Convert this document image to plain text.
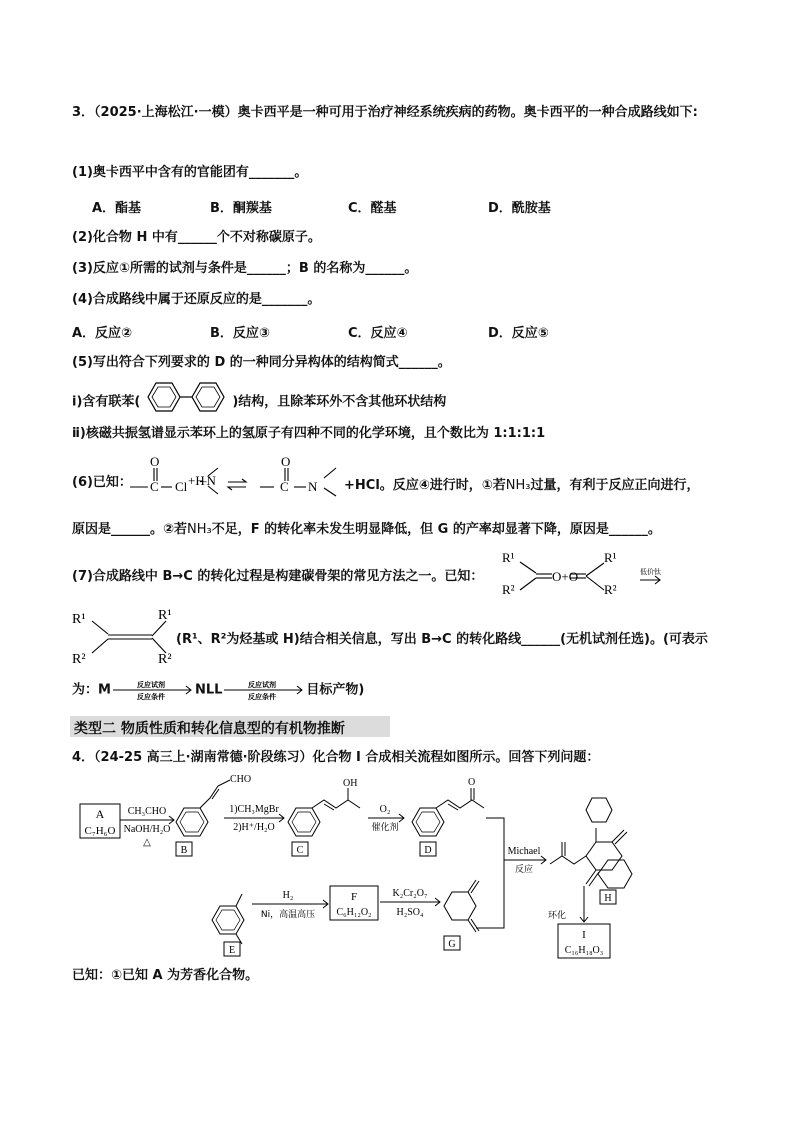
3．（2025·上海松江·一模）奥卡西平是一种可用于治疗神经系统疾病的药物。奥卡西平的一种合成路线如下:
(1)奥卡西平中含有的官能团有_______。
A．酯基	B．酮羰基	C．醛基	D．酰胺基
(2)化合物 H 中有______个不对称碳原子。
(3)反应①所需的试剂与条件是______；B 的名称为______。
(4)合成路线中属于还原反应的是_______。
A．反应②	B．反应③	C．反应④	D．反应⑤
(5)写出符合下列要求的 D 的一种同分异构体的结构简式______。
ⅰ)含有联苯(	)结构，且除苯环外不含其他环状结构
ⅱ)核磁共振氢谱显示苯环上的氢原子有四种不同的化学环境，且个数比为 1:1:1:1
(6)已知：
O
C Cl +H
–N
O
C N +HCl。反应④进行时，①若NH₃过量，有利于反应正向进行，
原因是______。②若NH₃不足，F 的转化率未发生明显降低，但 G 的产率却显著下降，原因是______。
(7)合成路线中 B→C 的转化过程是构建碳骨架的常见方法之一。已知：
R¹
R²
O+O
R¹
R²
低价钛
R¹
R²
R¹
R²
(R¹、R²为烃基或 H)结合相关信息，写出 B→C 的转化路线______(无机试剂任选)。(可表示
为：M	反应试剂
反应条件 NLL	反应试剂
反应条件 目标产物)
类型二 物质性质和转化信息型的有机物推断
4．（24-25 高三上·湖南常德·阶段练习）化合物 I 合成相关流程如图所示。回答下列问题：
A
C₇H₆O
CH₃CHO
NaOH/H₂O
△
CHO
B
1)CH₃MgBr
2)H⁺/H₂O
OH
C
O₂
催化剂
O
D	Michael
反应
H
环化
I
C₁₆H₁₈O₃
E
H₂
Ni，高温高压
F
C₆H₁₂O₂
K₂Cr₂O₇
H₂SO₄
G
已知：①已知 A 为芳香化合物。
